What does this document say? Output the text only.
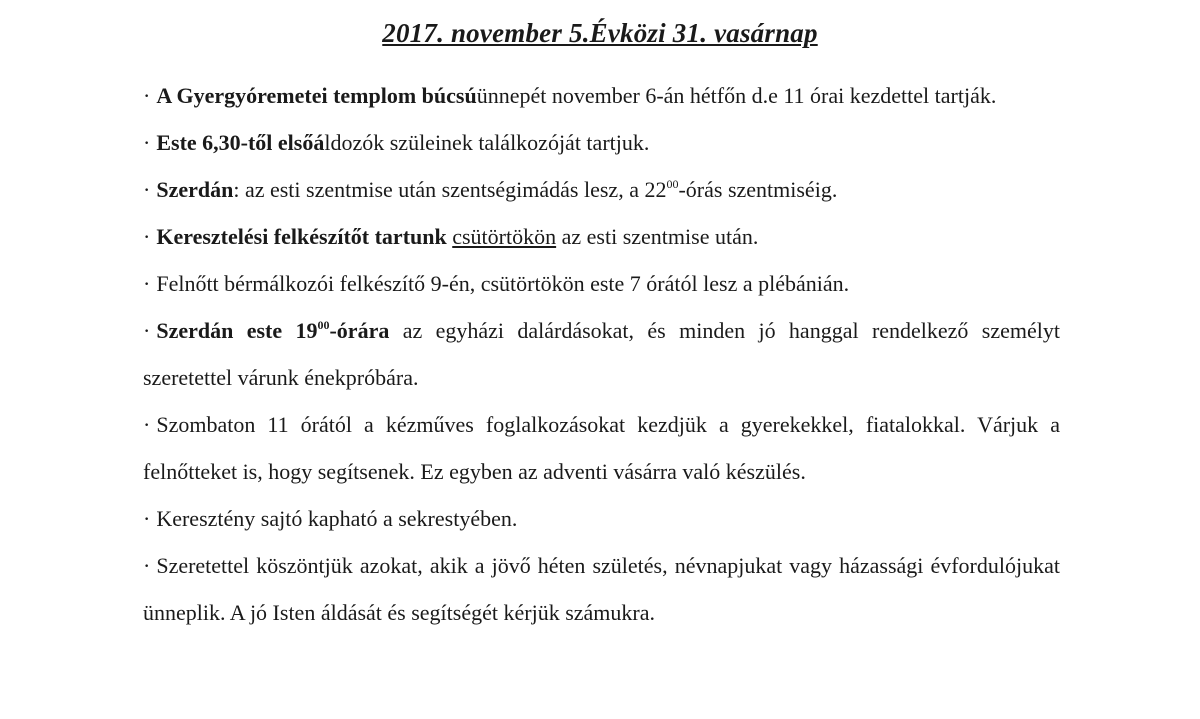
2017. november 5.Évközi 31. vasárnap

· A Gyergyóremetei templom búcsúünnepét november 6-án hétfőn d.e 11 órai kezdettel tartják.

· Este 6,30-től elsőáldozók szüleinek találkozóját tartjuk.

· Szerdán: az esti szentmise után szentségimádás lesz, a $22^{00}$-órás szentmiséig.

· Keresztelési felkészítőt tartunk csütörtökön az esti szentmise után.

· Felnőtt bérmálkozói felkészítő 9-én, csütörtökön este 7 órától lesz a plébánián.

· Szerdán este $19^{00}$-órára az egyházi dalárdásokat, és minden jó hanggal rendelkező személyt szeretettel várunk énekpróbára.

· Szombaton 11 órától a kézműves foglalkozásokat kezdjük a gyerekekkel, fiatalokkal. Várjuk a felnőtteket is, hogy segítsenek. Ez egyben az adventi vásárra való készülés.

· Keresztény sajtó kapható a sekrestyében.

· Szeretettel köszöntjük azokat, akik a jövő héten születés, névnapjukat vagy házassági évfordulójukat ünneplik. A jó Isten áldását és segítségét kérjük számukra.
